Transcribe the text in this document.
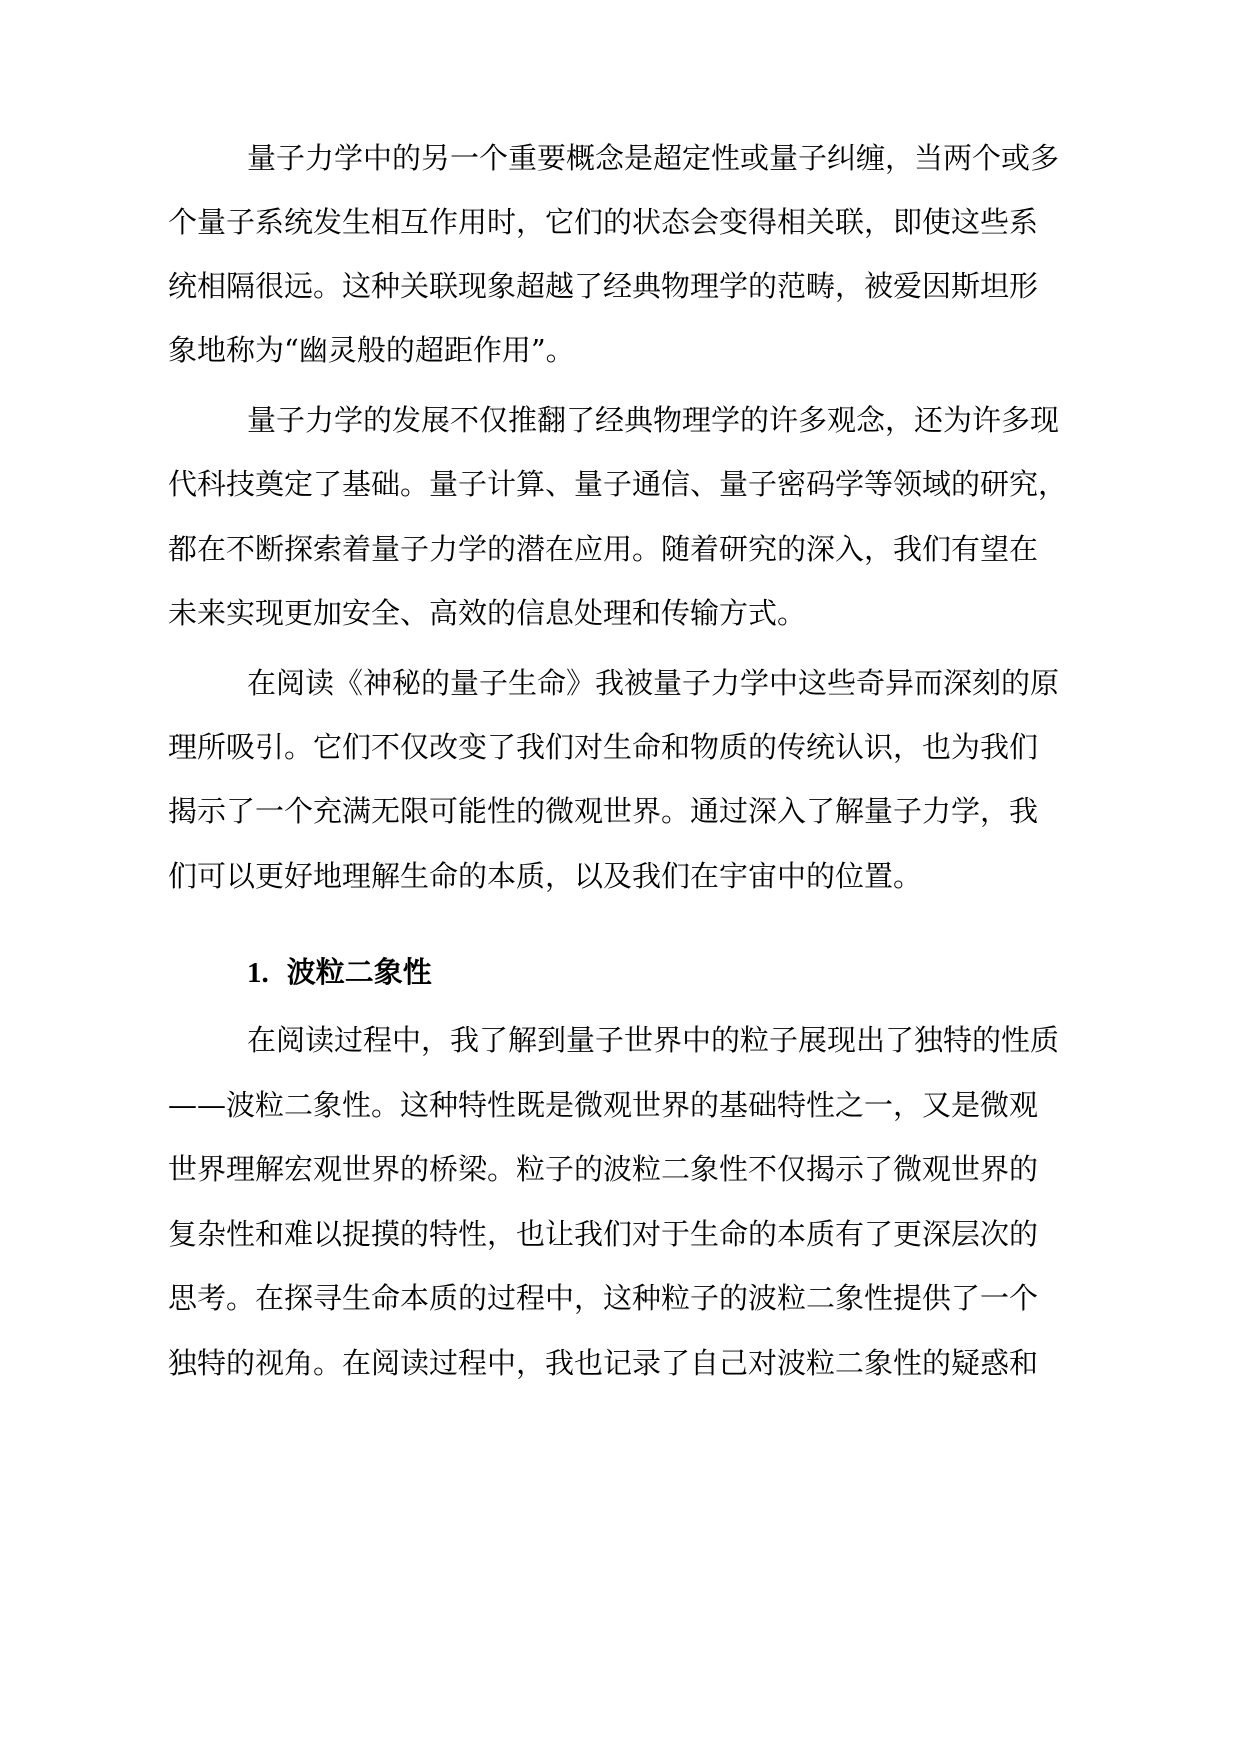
量子力学中的另一个重要概念是超定性或量子纠缠，当两个或多
个量子系统发生相互作用时，它们的状态会变得相关联，即使这些系
统相隔很远。这种关联现象超越了经典物理学的范畴，被爱因斯坦形
象地称为“幽灵般的超距作用”。
量子力学的发展不仅推翻了经典物理学的许多观念，还为许多现
代科技奠定了基础。量子计算、量子通信、量子密码学等领域的研究，
都在不断探索着量子力学的潜在应用。随着研究的深入，我们有望在
未来实现更加安全、高效的信息处理和传输方式。
在阅读《神秘的量子生命》我被量子力学中这些奇异而深刻的原
理所吸引。它们不仅改变了我们对生命和物质的传统认识，也为我们
揭示了一个充满无限可能性的微观世界。通过深入了解量子力学，我
们可以更好地理解生命的本质，以及我们在宇宙中的位置。
1. 波粒二象性
在阅读过程中，我了解到量子世界中的粒子展现出了独特的性质
——波粒二象性。这种特性既是微观世界的基础特性之一，又是微观
世界理解宏观世界的桥梁。粒子的波粒二象性不仅揭示了微观世界的
复杂性和难以捉摸的特性，也让我们对于生命的本质有了更深层次的
思考。在探寻生命本质的过程中，这种粒子的波粒二象性提供了一个
独特的视角。在阅读过程中，我也记录了自己对波粒二象性的疑惑和
